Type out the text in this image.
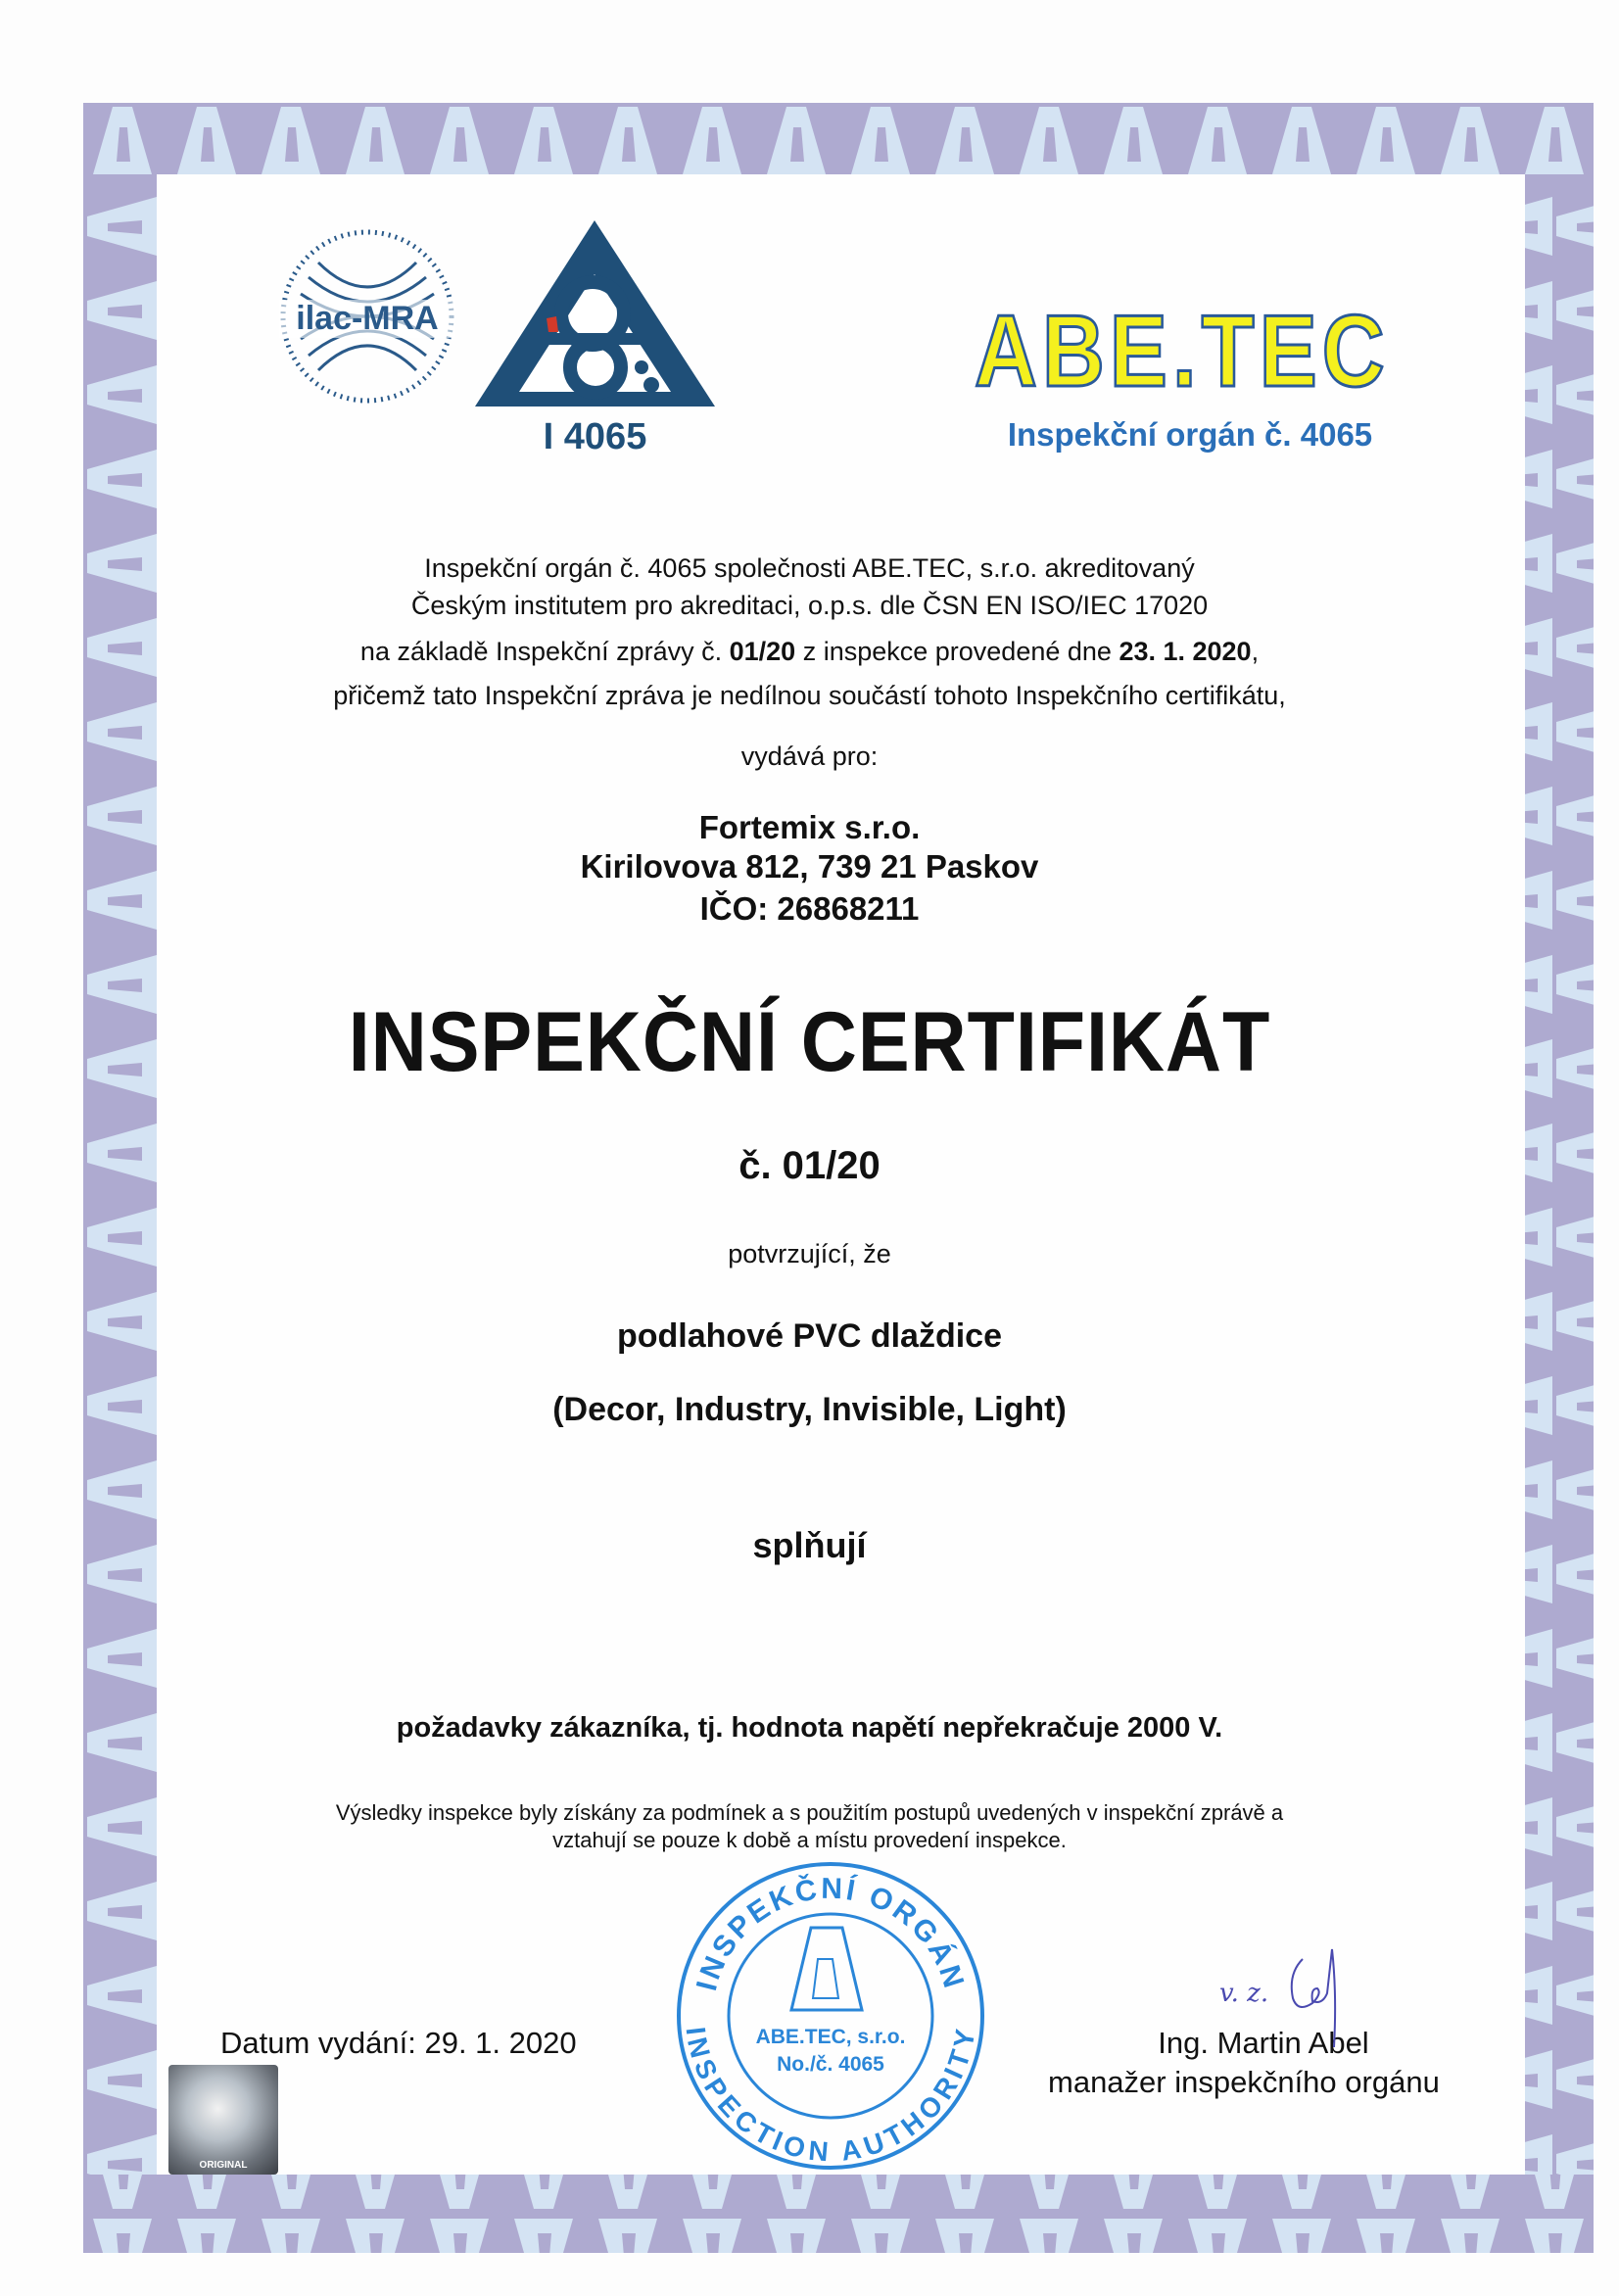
ilac-MRA
I 4065
ABE.TEC
Inspekční orgán č. 4065
Inspekční orgán č. 4065 společnosti ABE.TEC, s.r.o. akreditovaný
Českým institutem pro akreditaci, o.p.s. dle ČSN EN ISO/IEC 17020
na základě Inspekční zprávy č. 01/20 z inspekce provedené dne 23. 1. 2020,
přičemž tato Inspekční zpráva je nedílnou součástí tohoto Inspekčního certifikátu,
vydává pro:
Fortemix s.r.o.
Kirilovova 812, 739 21 Paskov
IČO: 26868211
INSPEKČNÍ CERTIFIKÁT
č. 01/20
potvrzující, že
podlahové PVC dlaždice
(Decor, Industry, Invisible, Light)
splňují
požadavky zákazníka, tj. hodnota napětí nepřekračuje 2000 V.
Výsledky inspekce byly získány za podmínek a s použitím postupů uvedených v inspekční zprávě a
vztahují se pouze k době a místu provedení inspekce.
INSPEKČNÍ ORGÁN
INSPECTION AUTHORITY
ABE.TEC, s.r.o.
No./č. 4065
Datum vydání: 29. 1. 2020	Ing. Martin Abel
manažer inspekčního orgánu
v. z.
ORIGINAL
